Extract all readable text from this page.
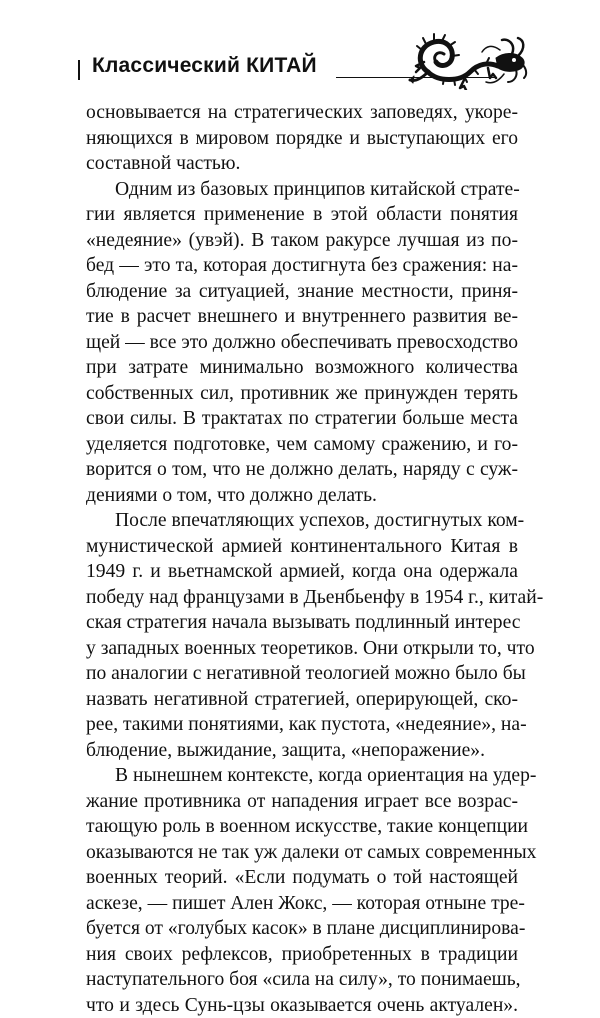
Классический КИТАЙ
основывается на стратегических заповедях, укоре-
няющихся в мировом порядке и выступающих его
составной частью.
Одним из базовых принципов китайской страте-
гии является применение в этой области понятия
«недеяние» (увэй). В таком ракурсе лучшая из по-
бед — это та, которая достигнута без сражения: на-
блюдение за ситуацией, знание местности, приня-
тие в расчет внешнего и внутреннего развития ве-
щей — все это должно обеспечивать превосходство
при затрате минимально возможного количества
собственных сил, противник же принужден терять
свои силы. В трактатах по стратегии больше места
уделяется подготовке, чем самому сражению, и го-
ворится о том, что не должно делать, наряду с суж-
дениями о том, что должно делать.
После впечатляющих успехов, достигнутых ком-
мунистической армией континентального Китая в
1949 г. и вьетнамской армией, когда она одержала
победу над французами в Дьенбьенфу в 1954 г., китай-
ская стратегия начала вызывать подлинный интерес
у западных военных теоретиков. Они открыли то, что
по аналогии с негативной теологией можно было бы
назвать негативной стратегией, оперирующей, ско-
рее, такими понятиями, как пустота, «недеяние», на-
блюдение, выжидание, защита, «непоражение».
В нынешнем контексте, когда ориентация на удер-
жание противника от нападения играет все возрас-
тающую роль в военном искусстве, такие концепции
оказываются не так уж далеки от самых современных
военных теорий. «Если подумать о той настоящей
аскезе, — пишет Ален Жокс, — которая отныне тре-
буется от «голубых касок» в плане дисциплинирова-
ния своих рефлексов, приобретенных в традиции
наступательного боя «сила на силу», то понимаешь,
что и здесь Сунь-цзы оказывается очень актуален».
